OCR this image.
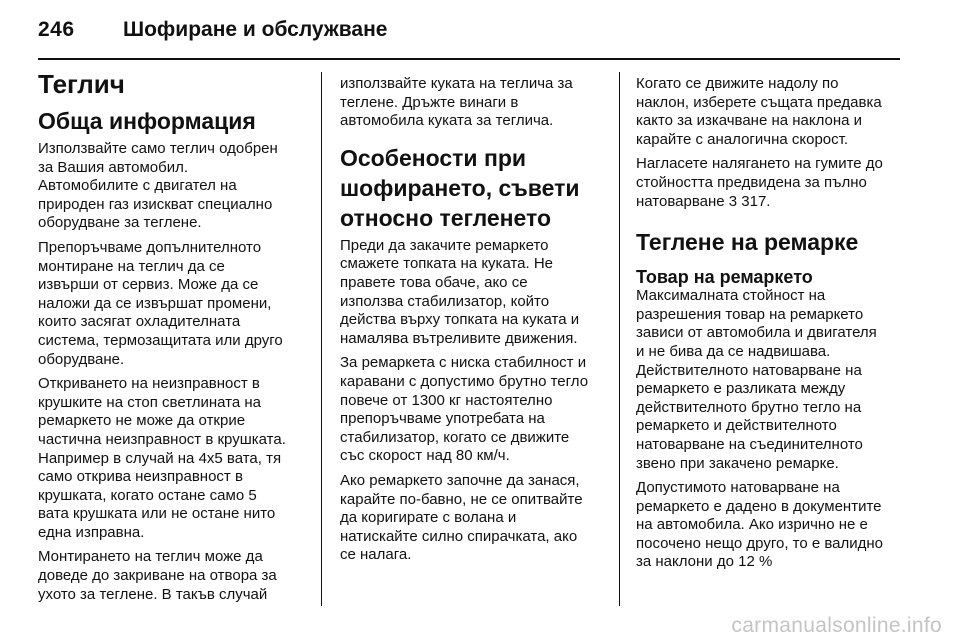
246 Шофиране и обслужване
Теглич
Обща информация
Използвайте само теглич одобрен
за Вашия автомобил.
Автомобилите с двигател на
природен газ изискват специално
оборудване за теглене.
Препоръчваме допълнителното
монтиране на теглич да се
извърши от сервиз. Може да се
наложи да се извършат промени,
които засягат охладителната
система, термозащитата или друго
оборудване.
Откриването на неизправност в
крушките на стоп светлината на
ремаркето не може да открие
частична неизправност в крушката.
Например в случай на 4х5 вата, тя
само открива неизправност в
крушката, когато остане само 5
вата крушката или не остане нито
една изправна.
Монтирането на теглич може да
доведе до закриване на отвора за
ухото за теглене. В такъв случай
използвайте куката на теглича за
теглене. Дръжте винаги в
автомобила куката за теглича.
Особености при
шофирането, съвети
относно тегленето
Преди да закачите ремаркето
смажете топката на куката. Не
правете това обаче, ако се
използва стабилизатор, който
действа върху топката на куката и
намалява вътреливите движения.
За ремаркета с ниска стабилност и
каравани с допустимо брутно тегло
повече от 1300 кг настоятелно
препоръчваме употребата на
стабилизатор, когато се движите
със скорост над 80 км/ч.
Ако ремаркето започне да занася,
карайте по-бавно, не се опитвайте
да коригирате с волана и
натискайте силно спирачката, ако
се налага.
Когато се движите надолу по
наклон, изберете същата предавка
както за изкачване на наклона и
карайте с аналогична скорост.
Нагласете налягането на гумите до
стойността предвидена за пълно
натоварване 3 317.
Теглене на ремарке
Товар на ремаркето
Максималната стойност на
разрешения товар на ремаркето
зависи от автомобила и двигателя
и не бива да се надвишава.
Действителното натоварване на
ремаркето е разликата между
действителното брутно тегло на
ремаркето и действителното
натоварване на съединителното
звено при закачено ремарке.
Допустимото натоварване на
ремаркето е дадено в документите
на автомобила. Ако изрично не е
посочено нещо друго, то е валидно
за наклони до 12 %
carmanualsonline.info
